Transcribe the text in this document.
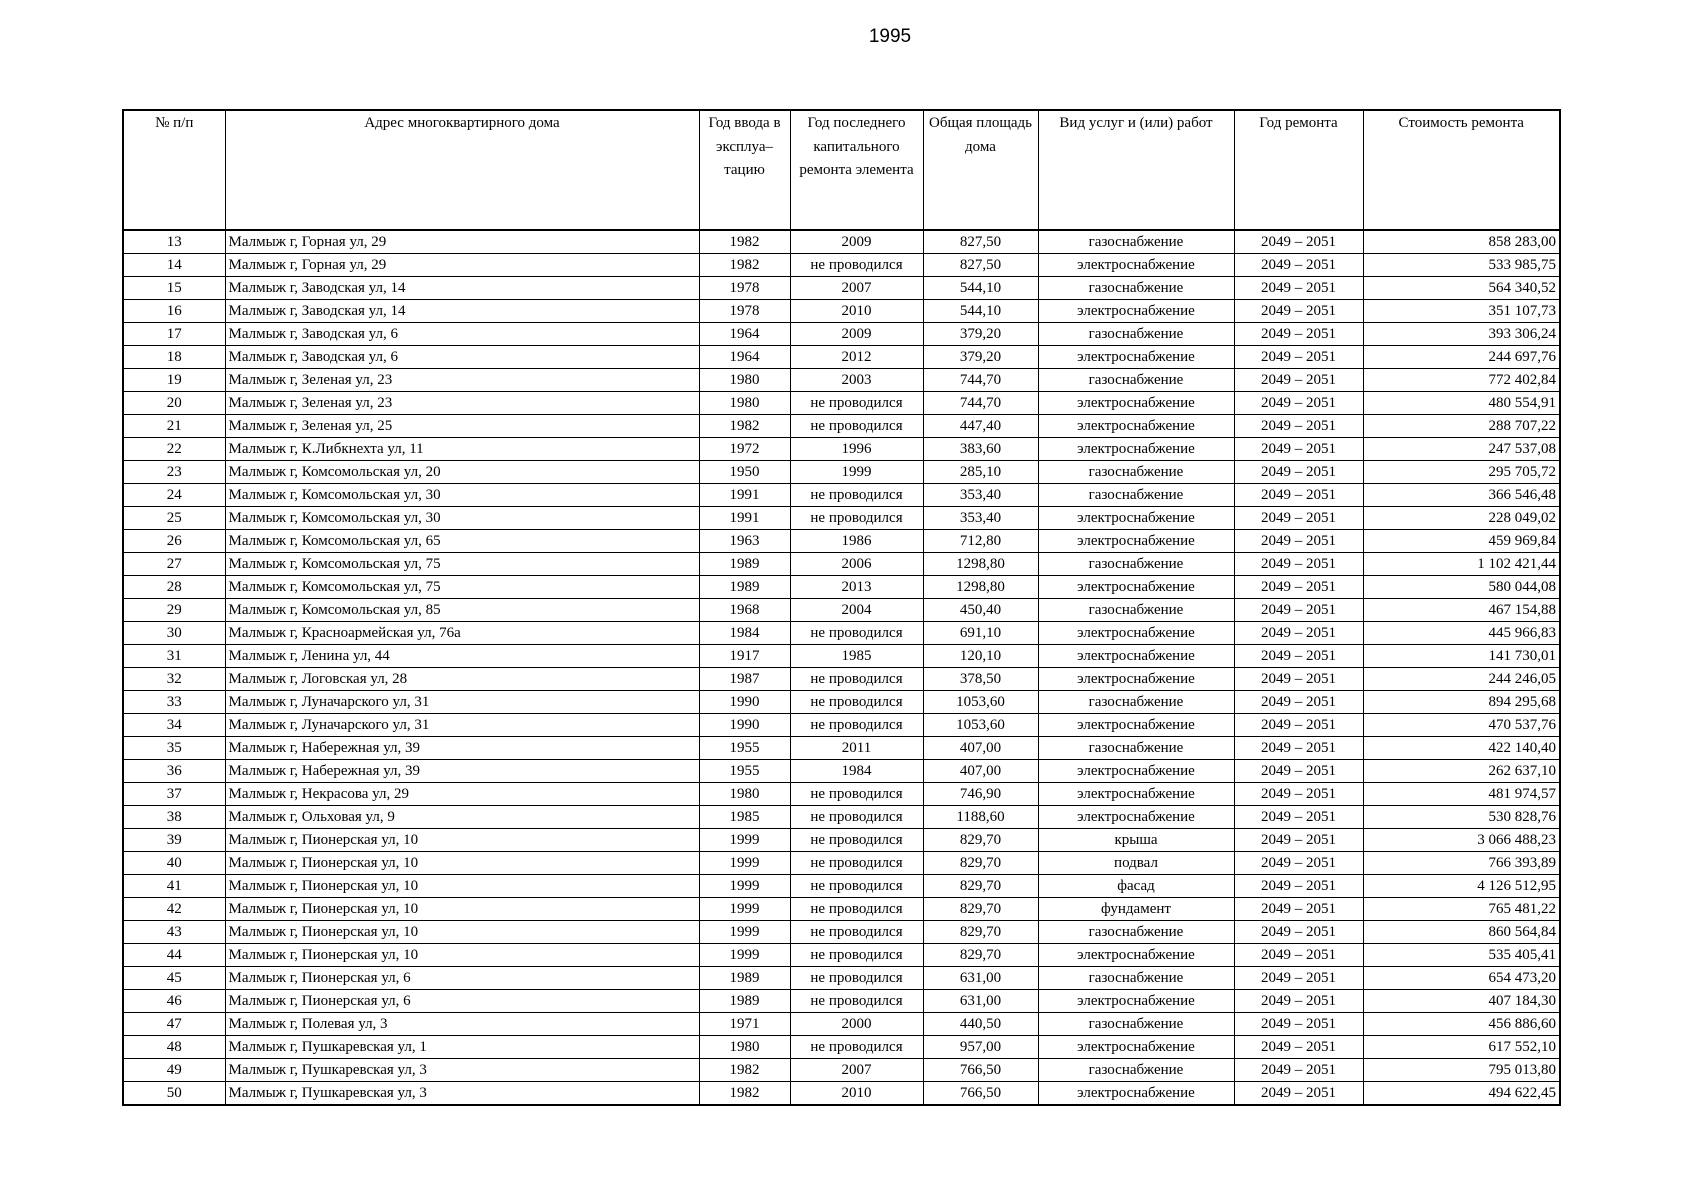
1995
№ п/п	Адрес многоквартирного дома	Год ввода в эксплуа– тацию	Год последнего капитального ремонта элемента	Общая площадь дома	Вид услуг и (или) работ	Год ремонта	Стоимость ремонта
13	Малмыж г, Горная ул, 29	1982	2009	827,50	газоснабжение	2049 – 2051	858 283,00
14	Малмыж г, Горная ул, 29	1982	не проводился	827,50	электроснабжение	2049 – 2051	533 985,75
15	Малмыж г, Заводская ул, 14	1978	2007	544,10	газоснабжение	2049 – 2051	564 340,52
16	Малмыж г, Заводская ул, 14	1978	2010	544,10	электроснабжение	2049 – 2051	351 107,73
17	Малмыж г, Заводская ул, 6	1964	2009	379,20	газоснабжение	2049 – 2051	393 306,24
18	Малмыж г, Заводская ул, 6	1964	2012	379,20	электроснабжение	2049 – 2051	244 697,76
19	Малмыж г, Зеленая ул, 23	1980	2003	744,70	газоснабжение	2049 – 2051	772 402,84
20	Малмыж г, Зеленая ул, 23	1980	не проводился	744,70	электроснабжение	2049 – 2051	480 554,91
21	Малмыж г, Зеленая ул, 25	1982	не проводился	447,40	электроснабжение	2049 – 2051	288 707,22
22	Малмыж г, К.Либкнехта ул, 11	1972	1996	383,60	электроснабжение	2049 – 2051	247 537,08
23	Малмыж г, Комсомольская ул, 20	1950	1999	285,10	газоснабжение	2049 – 2051	295 705,72
24	Малмыж г, Комсомольская ул, 30	1991	не проводился	353,40	газоснабжение	2049 – 2051	366 546,48
25	Малмыж г, Комсомольская ул, 30	1991	не проводился	353,40	электроснабжение	2049 – 2051	228 049,02
26	Малмыж г, Комсомольская ул, 65	1963	1986	712,80	электроснабжение	2049 – 2051	459 969,84
27	Малмыж г, Комсомольская ул, 75	1989	2006	1298,80	газоснабжение	2049 – 2051	1 102 421,44
28	Малмыж г, Комсомольская ул, 75	1989	2013	1298,80	электроснабжение	2049 – 2051	580 044,08
29	Малмыж г, Комсомольская ул, 85	1968	2004	450,40	газоснабжение	2049 – 2051	467 154,88
30	Малмыж г, Красноармейская ул, 76а	1984	не проводился	691,10	электроснабжение	2049 – 2051	445 966,83
31	Малмыж г, Ленина ул, 44	1917	1985	120,10	электроснабжение	2049 – 2051	141 730,01
32	Малмыж г, Логовская ул, 28	1987	не проводился	378,50	электроснабжение	2049 – 2051	244 246,05
33	Малмыж г, Луначарского ул, 31	1990	не проводился	1053,60	газоснабжение	2049 – 2051	894 295,68
34	Малмыж г, Луначарского ул, 31	1990	не проводился	1053,60	электроснабжение	2049 – 2051	470 537,76
35	Малмыж г, Набережная ул, 39	1955	2011	407,00	газоснабжение	2049 – 2051	422 140,40
36	Малмыж г, Набережная ул, 39	1955	1984	407,00	электроснабжение	2049 – 2051	262 637,10
37	Малмыж г, Некрасова ул, 29	1980	не проводился	746,90	электроснабжение	2049 – 2051	481 974,57
38	Малмыж г, Ольховая ул, 9	1985	не проводился	1188,60	электроснабжение	2049 – 2051	530 828,76
39	Малмыж г, Пионерская ул, 10	1999	не проводился	829,70	крыша	2049 – 2051	3 066 488,23
40	Малмыж г, Пионерская ул, 10	1999	не проводился	829,70	подвал	2049 – 2051	766 393,89
41	Малмыж г, Пионерская ул, 10	1999	не проводился	829,70	фасад	2049 – 2051	4 126 512,95
42	Малмыж г, Пионерская ул, 10	1999	не проводился	829,70	фундамент	2049 – 2051	765 481,22
43	Малмыж г, Пионерская ул, 10	1999	не проводился	829,70	газоснабжение	2049 – 2051	860 564,84
44	Малмыж г, Пионерская ул, 10	1999	не проводился	829,70	электроснабжение	2049 – 2051	535 405,41
45	Малмыж г, Пионерская ул, 6	1989	не проводился	631,00	газоснабжение	2049 – 2051	654 473,20
46	Малмыж г, Пионерская ул, 6	1989	не проводился	631,00	электроснабжение	2049 – 2051	407 184,30
47	Малмыж г, Полевая ул, 3	1971	2000	440,50	газоснабжение	2049 – 2051	456 886,60
48	Малмыж г, Пушкаревская ул, 1	1980	не проводился	957,00	электроснабжение	2049 – 2051	617 552,10
49	Малмыж г, Пушкаревская ул, 3	1982	2007	766,50	газоснабжение	2049 – 2051	795 013,80
50	Малмыж г, Пушкаревская ул, 3	1982	2010	766,50	электроснабжение	2049 – 2051	494 622,45
